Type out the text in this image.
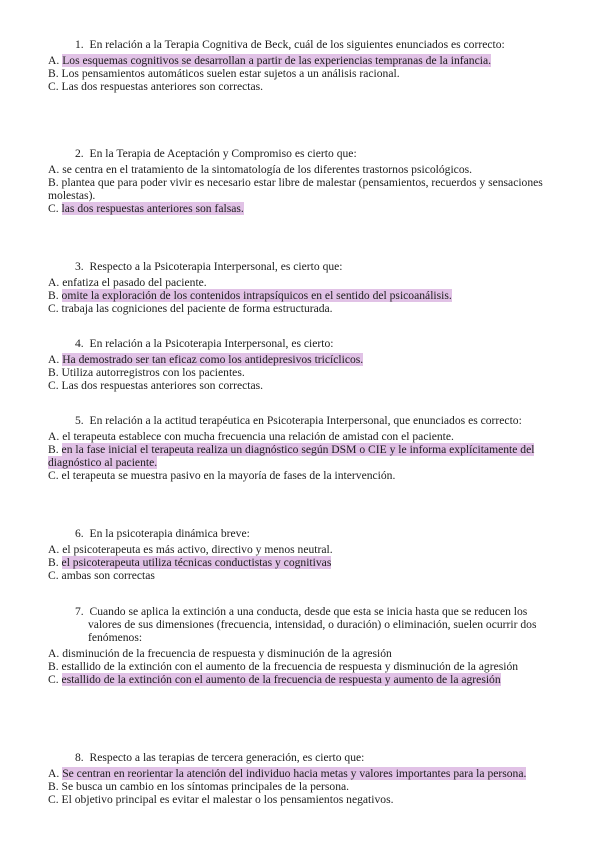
1. En relación a la Terapia Cognitiva de Beck, cuál de los siguientes enunciados es correcto:
A. Los esquemas cognitivos se desarrollan a partir de las experiencias tempranas de la infancia.
B. Los pensamientos automáticos suelen estar sujetos a un análisis racional.
C. Las dos respuestas anteriores son correctas.
2. En la Terapia de Aceptación y Compromiso es cierto que:
A. se centra en el tratamiento de la sintomatología de los diferentes trastornos psicológicos.
B. plantea que para poder vivir es necesario estar libre de malestar (pensamientos, recuerdos y sensaciones molestas).
C. las dos respuestas anteriores son falsas.
3. Respecto a la Psicoterapia Interpersonal, es cierto que:
A. enfatiza el pasado del paciente.
B. omite la exploración de los contenidos intrapsíquicos en el sentido del psicoanálisis.
C. trabaja las cogniciones del paciente de forma estructurada.
4. En relación a la Psicoterapia Interpersonal, es cierto:
A. Ha demostrado ser tan eficaz como los antidepresivos tricíclicos.
B. Utiliza autorregistros con los pacientes.
C. Las dos respuestas anteriores son correctas.
5. En relación a la actitud terapéutica en Psicoterapia Interpersonal, que enunciados es correcto:
A. el terapeuta establece con mucha frecuencia una relación de amistad con el paciente.
B. en la fase inicial el terapeuta realiza un diagnóstico según DSM o CIE y le informa explícitamente del diagnóstico al paciente.
C. el terapeuta se muestra pasivo en la mayoría de fases de la intervención.
6. En la psicoterapia dinámica breve:
A. el psicoterapeuta es más activo, directivo y menos neutral.
B. el psicoterapeuta utiliza técnicas conductistas y cognitivas
C. ambas son correctas
7. Cuando se aplica la extinción a una conducta, desde que esta se inicia hasta que se reducen los valores de sus dimensiones (frecuencia, intensidad, o duración) o eliminación, suelen ocurrir dos fenómenos:
A. disminución de la frecuencia de respuesta y disminución de la agresión
B. estallido de la extinción con el aumento de la frecuencia de respuesta y disminución de la agresión
C. estallido de la extinción con el aumento de la frecuencia de respuesta y aumento de la agresión
8. Respecto a las terapias de tercera generación, es cierto que:
A. Se centran en reorientar la atención del individuo hacia metas y valores importantes para la persona.
B. Se busca un cambio en los síntomas principales de la persona.
C. El objetivo principal es evitar el malestar o los pensamientos negativos.
